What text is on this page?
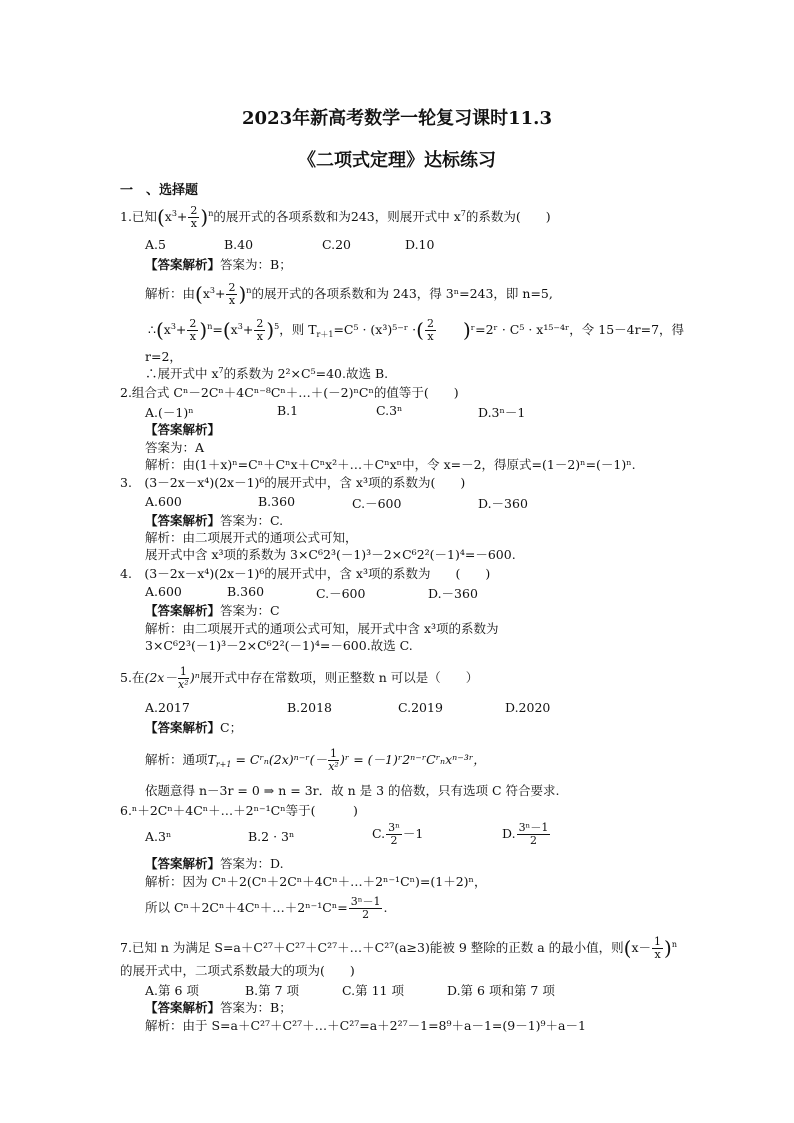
2023年新高考数学一轮复习课时11.3
《二项式定理》达标练习
一　、选择题
1.已知$(x^3+ \frac{2}{x} )^n$的展开式的各项系数和为243，则展开式中 $x^7$的系数为(　　)
A.5	B.40	C.20	D.10
【答案解析】答案为：B；
解析：由$(x^3+ \frac{2}{x} )^n$的展开式的各项系数和为 243，得 3ⁿ=243，即 n=5,
$\therefore(x^3+ \frac{2}{x} )^n=(x^3+ \frac{2}{x} )^5$，则 $T_{r+1}=C^5$ · (x³)⁵⁻ʳ ·( $\frac{2}{x}$ )ʳ=2ʳ · C⁵ · x¹⁵⁻⁴ʳ，令 15－4r=7，得
r=2，
∴展开式中 $x^7$的系数为 2²×C⁵=40.故选 B.
2.组合式 Cⁿ－2Cⁿ＋4Cⁿ⁻⁸Cⁿ＋…＋(－2)ⁿCⁿ的值等于(　　)
A.(－1)ⁿ	B.1	C.3ⁿ	D.3ⁿ－1
【答案解析】
答案为：A
解析：由(1＋x)ⁿ=Cⁿ＋Cⁿx＋Cⁿx²＋…＋Cⁿxⁿ中，令 x=－2，得原式=(1－2)ⁿ=(－1)ⁿ.
3.　(3－2x－x⁴)(2x－1)⁶的展开式中，含 x³项的系数为(　　)
A.600	B.360	C.－600	D.－360
【答案解析】答案为：C.
解析：由二项展开式的通项公式可知，
展开式中含 x³项的系数为 3×C⁶2³(－1)³－2×C⁶2²(－1)⁴=－600.
4.　(3－2x－x⁴)(2x－1)⁶的展开式中，含 x³项的系数为　　(　　)
A.600	B.360	C.－600	D.－360
【答案解析】答案为：C
解析：由二项展开式的通项公式可知，展开式中含 x³项的系数为
3×C⁶2³(－1)³－2×C⁶2²(－1)⁴=－600.故选 C.
5.在$(2x- \frac{1}{\text{x²}} )^n$展开式中存在常数项，则正整数 n 可以是（　　）
A.2017	B.2018	C.2019	D.2020
【答案解析】C；
解析：通项$T_{r+1}$ = Cʳₙ(2x)ⁿ⁻ʳ(－ $\frac{1}{\text{x²}}$ )ʳ = (－1)ʳ2ⁿ⁻ʳCʳₙxⁿ⁻³ʳ，
依题意得 n－3r = 0 ⇒ n = 3r．故 n 是 3 的倍数，只有选项 C 符合要求.
6.ⁿ＋2Cⁿ＋4Cⁿ＋…＋2ⁿ⁻¹Cⁿ等于(　　　)
A.3ⁿ	B.2 · 3ⁿ	C. $\frac{\text{3ⁿ}}{2} -1$	D. $\frac{\text{3ⁿ－1}}{2}$
【答案解析】答案为：D.
解析：因为 Cⁿ＋2(Cⁿ＋2Cⁿ＋4Cⁿ＋…＋2ⁿ⁻¹Cⁿ)=(1＋2)ⁿ，
所以 Cⁿ＋2Cⁿ＋4Cⁿ＋…＋2ⁿ⁻¹Cⁿ= $\frac{\text{3ⁿ－1}}{2}$ .
7.已知 n 为满足 S=a＋C²⁷＋C²⁷＋C²⁷＋…＋C²⁷(a≥3)能被 9 整除的正数 a 的最小值，则$(x- \frac{1}{x} )^n$
的展开式中，二项式系数最大的项为(　　)
A.第 6 项	B.第 7 项	C.第 11 项	D.第 6 项和第 7 项
【答案解析】答案为：B；
解析：由于 S=a＋C²⁷＋C²⁷＋…＋C²⁷=a＋2²⁷－1=8⁹＋a－1=(9－1)⁹＋a－1
